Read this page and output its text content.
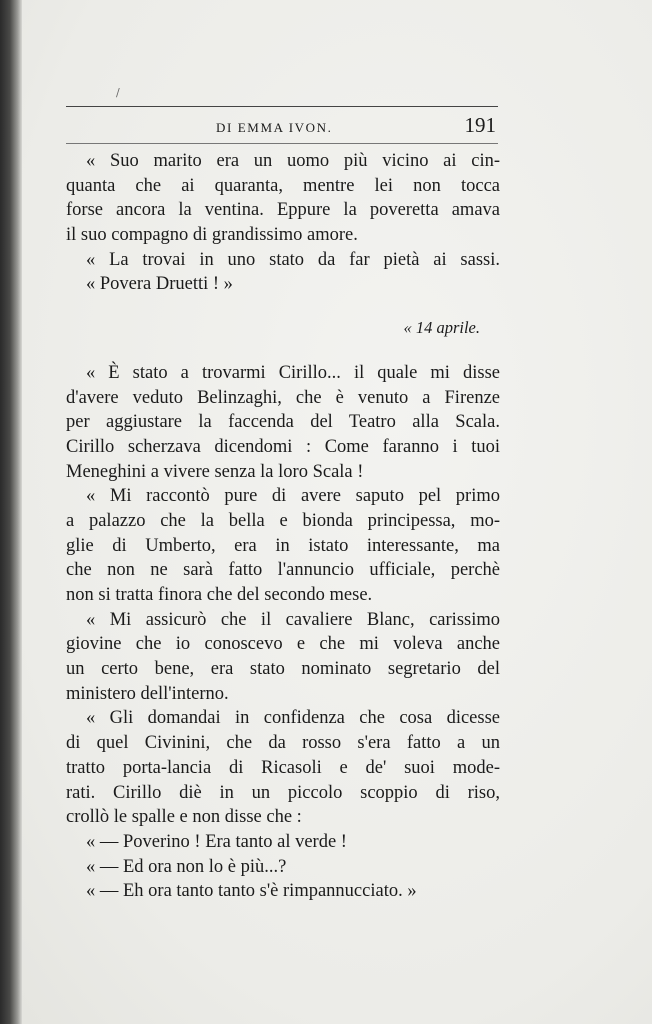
/
DI EMMA IVON.	191
« Suo marito era un uomo più vicino ai cin-
quanta che ai quaranta, mentre lei non tocca
forse ancora la ventina. Eppure la poveretta amava
il suo compagno di grandissimo amore.
« La trovai in uno stato da far pietà ai sassi.
« Povera Druetti ! »
« 14 aprile.
« È stato a trovarmi Cirillo... il quale mi disse
d'avere veduto Belinzaghi, che è venuto a Firenze
per aggiustare la faccenda del Teatro alla Scala.
Cirillo scherzava dicendomi : Come faranno i tuoi
Meneghini a vivere senza la loro Scala !
« Mi raccontò pure di avere saputo pel primo
a palazzo che la bella e bionda principessa, mo-
glie di Umberto, era in istato interessante, ma
che non ne sarà fatto l'annuncio ufficiale, perchè
non si tratta finora che del secondo mese.
« Mi assicurò che il cavaliere Blanc, carissimo
giovine che io conoscevo e che mi voleva anche
un certo bene, era stato nominato segretario del
ministero dell'interno.
« Gli domandai in confidenza che cosa dicesse
di quel Civinini, che da rosso s'era fatto a un
tratto porta-lancia di Ricasoli e de' suoi mode-
rati. Cirillo diè in un piccolo scoppio di riso,
crollò le spalle e non disse che :
« — Poverino ! Era tanto al verde !
« — Ed ora non lo è più...?
« — Eh ora tanto tanto s'è rimpannucciato. »
